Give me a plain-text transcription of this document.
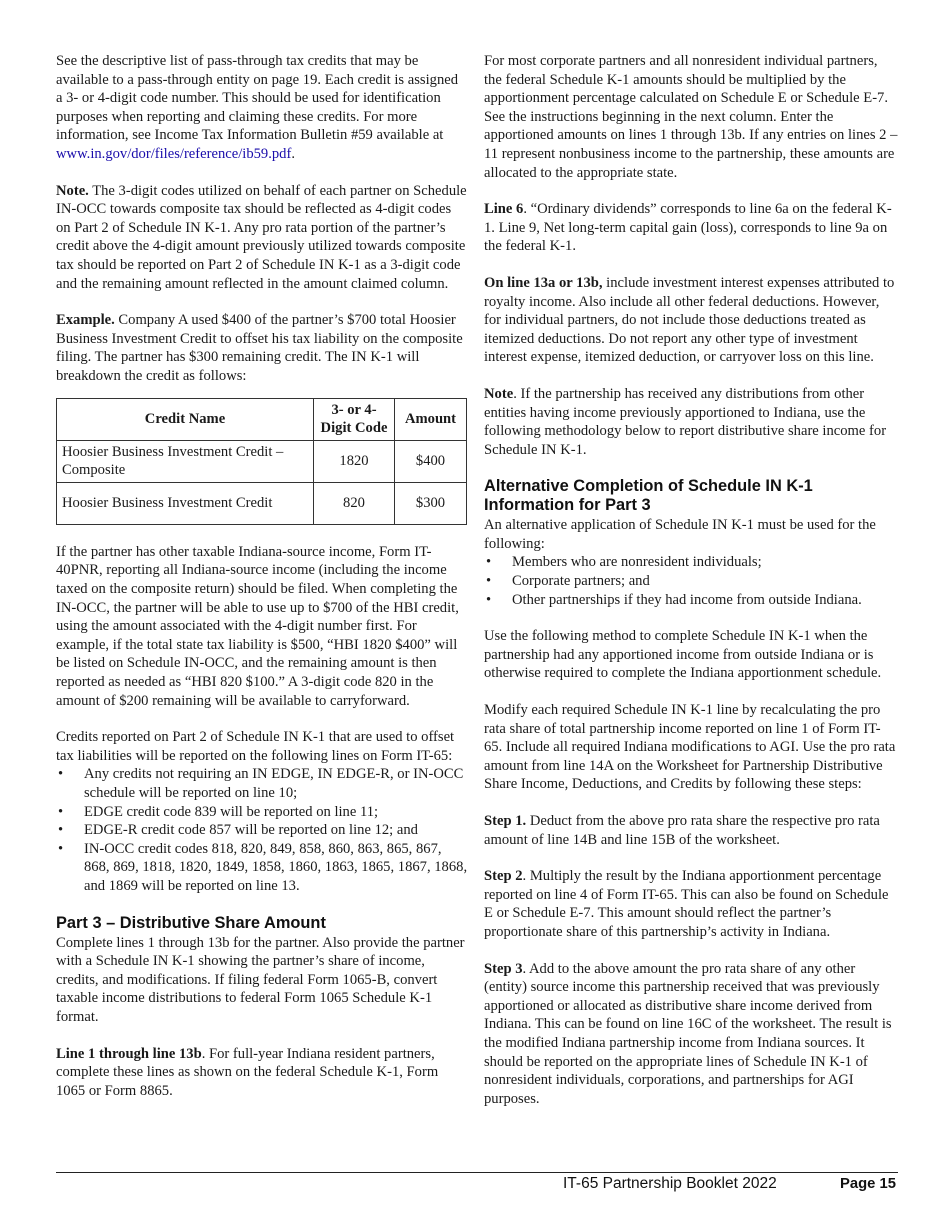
See the descriptive list of pass-through tax credits that may be available to a pass-through entity on page 19. Each credit is assigned a 3- or 4-digit code number. This should be used for identification purposes when reporting and claiming these credits. For more information, see Income Tax Information Bulletin #59 available at www.in.gov/dor/files/reference/ib59.pdf.

Note. The 3-digit codes utilized on behalf of each partner on Schedule IN-OCC towards composite tax should be reflected as 4-digit codes on Part 2 of Schedule IN K-1. Any pro rata portion of the partner’s credit above the 4-digit amount previously utilized towards composite tax should be reported on Part 2 of Schedule IN K-1 as a 3-digit code and the remaining amount reflected in the amount claimed column.

Example. Company A used $400 of the partner’s $700 total Hoosier Business Investment Credit to offset his tax liability on the composite filing. The partner has $300 remaining credit. The IN K-1 will breakdown the credit as follows:

Credit Name	3- or 4-Digit Code	Amount
Hoosier Business Investment Credit – Composite	1820	$400
Hoosier Business Investment Credit	820	$300

If the partner has other taxable Indiana-source income, Form IT-40PNR, reporting all Indiana-source income (including the income taxed on the composite return) should be filed. When completing the IN-OCC, the partner will be able to use up to $700 of the HBI credit, using the amount associated with the 4-digit number first. For example, if the total state tax liability is $500, “HBI 1820 $400” will be listed on Schedule IN-OCC, and the remaining amount is then reported as needed as “HBI 820 $100.” A 3-digit code 820 in the amount of $200 remaining will be available to carryforward.

Credits reported on Part 2 of Schedule IN K-1 that are used to offset tax liabilities will be reported on the following lines on Form IT-65:

• Any credits not requiring an IN EDGE, IN EDGE-R, or IN-OCC schedule will be reported on line 10;
• EDGE credit code 839 will be reported on line 11;
• EDGE-R credit code 857 will be reported on line 12; and
• IN-OCC credit codes 818, 820, 849, 858, 860, 863, 865, 867, 868, 869, 1818, 1820, 1849, 1858, 1860, 1863, 1865, 1867, 1868, and 1869 will be reported on line 13.
Part 3 – Distributive Share Amount

Complete lines 1 through 13b for the partner. Also provide the partner with a Schedule IN K-1 showing the partner’s share of income, credits, and modifications. If filing federal Form 1065-B, convert taxable income distributions to federal Form 1065 Schedule K-1 format.

Line 1 through line 13b. For full-year Indiana resident partners, complete these lines as shown on the federal Schedule K-1, Form 1065 or Form 8865.

For most corporate partners and all nonresident individual partners, the federal Schedule K-1 amounts should be multiplied by the apportionment percentage calculated on Schedule E or Schedule E-7. See the instructions beginning in the next column. Enter the apportioned amounts on lines 1 through 13b. If any entries on lines 2 – 11 represent nonbusiness income to the partnership, these amounts are allocated to the appropriate state.

Line 6. “Ordinary dividends” corresponds to line 6a on the federal K-1. Line 9, Net long-term capital gain (loss), corresponds to line 9a on the federal K-1.

On line 13a or 13b, include investment interest expenses attributed to royalty income. Also include all other federal deductions. However, for individual partners, do not include those deductions treated as itemized deductions. Do not report any other type of investment interest expense, itemized deduction, or carryover loss on this line.

Note. If the partnership has received any distributions from other entities having income previously apportioned to Indiana, use the following methodology below to report distributive share income for Schedule IN K-1.

Alternative Completion of Schedule IN K-1 Information for Part 3

An alternative application of Schedule IN K-1 must be used for the following:

• Members who are nonresident individuals;
• Corporate partners; and
• Other partnerships if they had income from outside Indiana.

Use the following method to complete Schedule IN K-1 when the partnership had any apportioned income from outside Indiana or is otherwise required to complete the Indiana apportionment schedule.

Modify each required Schedule IN K-1 line by recalculating the pro rata share of total partnership income reported on line 1 of Form IT-65. Include all required Indiana modifications to AGI. Use the pro rata amount from line 14A on the Worksheet for Partnership Distributive Share Income, Deductions, and Credits by following these steps:

Step 1. Deduct from the above pro rata share the respective pro rata amount of line 14B and line 15B of the worksheet.

Step 2. Multiply the result by the Indiana apportionment percentage reported on line 4 of Form IT-65. This can also be found on Schedule E or Schedule E-7. This amount should reflect the partner’s proportionate share of this partnership’s activity in Indiana.

Step 3. Add to the above amount the pro rata share of any other (entity) source income this partnership received that was previously apportioned or allocated as distributive share income derived from Indiana. This can be found on line 16C of the worksheet. The result is the modified Indiana partnership income from Indiana sources. It should be reported on the appropriate lines of Schedule IN K-1 of nonresident individuals, corporations, and partnerships for AGI purposes.

IT-65 Partnership Booklet 2022	Page 15
